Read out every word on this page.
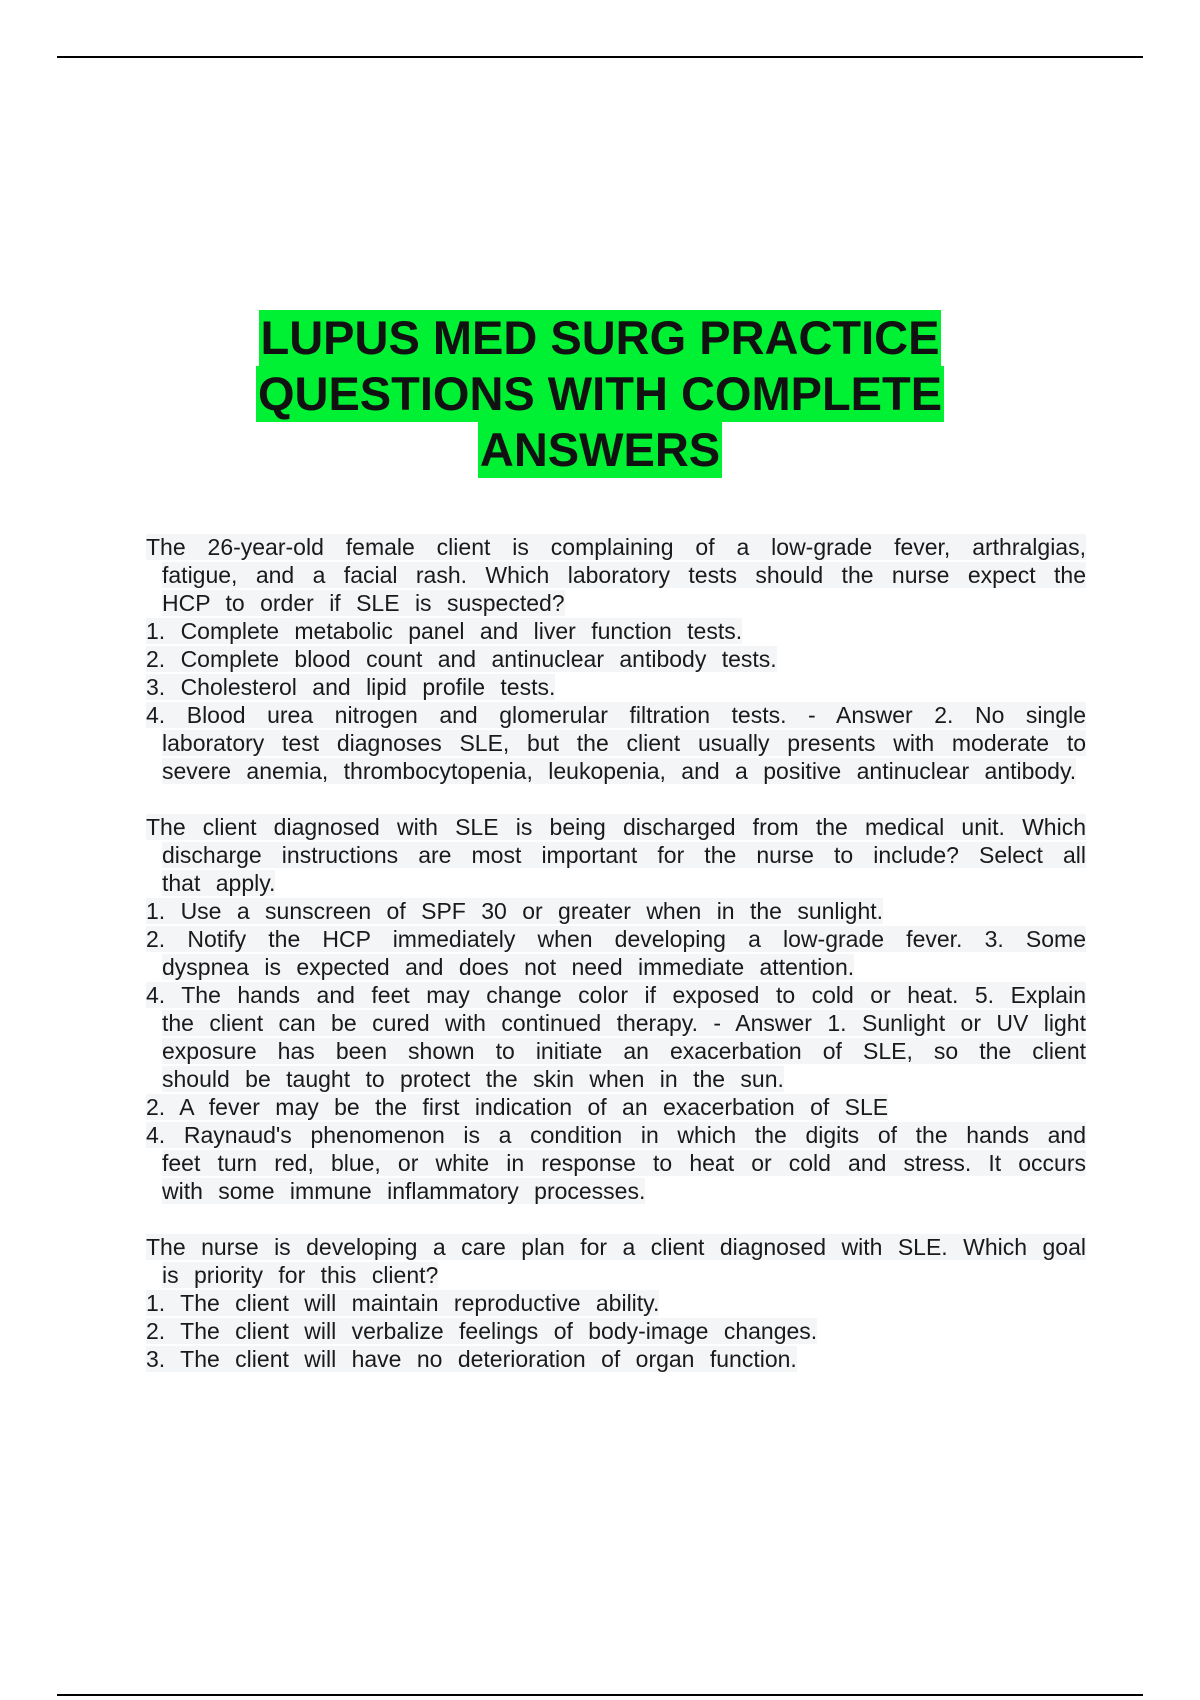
LUPUS MED SURG PRACTICE
QUESTIONS WITH COMPLETE
ANSWERS

The 26-year-old female client is complaining of a low-grade fever, arthralgias, fatigue, and a facial rash. Which laboratory tests should the nurse expect the HCP to order if SLE is suspected?

1. Complete metabolic panel and liver function tests.

2. Complete blood count and antinuclear antibody tests.

3. Cholesterol and lipid profile tests.

4. Blood urea nitrogen and glomerular filtration tests. - Answer 2. No single laboratory test diagnoses SLE, but the client usually presents with moderate to severe anemia, thrombocytopenia, leukopenia, and a positive antinuclear antibody.

The client diagnosed with SLE is being discharged from the medical unit. Which discharge instructions are most important for the nurse to include? Select all that apply.

1. Use a sunscreen of SPF 30 or greater when in the sunlight.

2. Notify the HCP immediately when developing a low-grade fever. 3. Some dyspnea is expected and does not need immediate attention.

4. The hands and feet may change color if exposed to cold or heat. 5. Explain the client can be cured with continued therapy. - Answer 1. Sunlight or UV light exposure has been shown to initiate an exacerbation of SLE, so the client should be taught to protect the skin when in the sun.

2. A fever may be the first indication of an exacerbation of SLE

4. Raynaud's phenomenon is a condition in which the digits of the hands and feet turn red, blue, or white in response to heat or cold and stress. It occurs with some immune inflammatory processes.

The nurse is developing a care plan for a client diagnosed with SLE. Which goal is priority for this client?

1. The client will maintain reproductive ability.

2. The client will verbalize feelings of body-image changes.

3. The client will have no deterioration of organ function.
